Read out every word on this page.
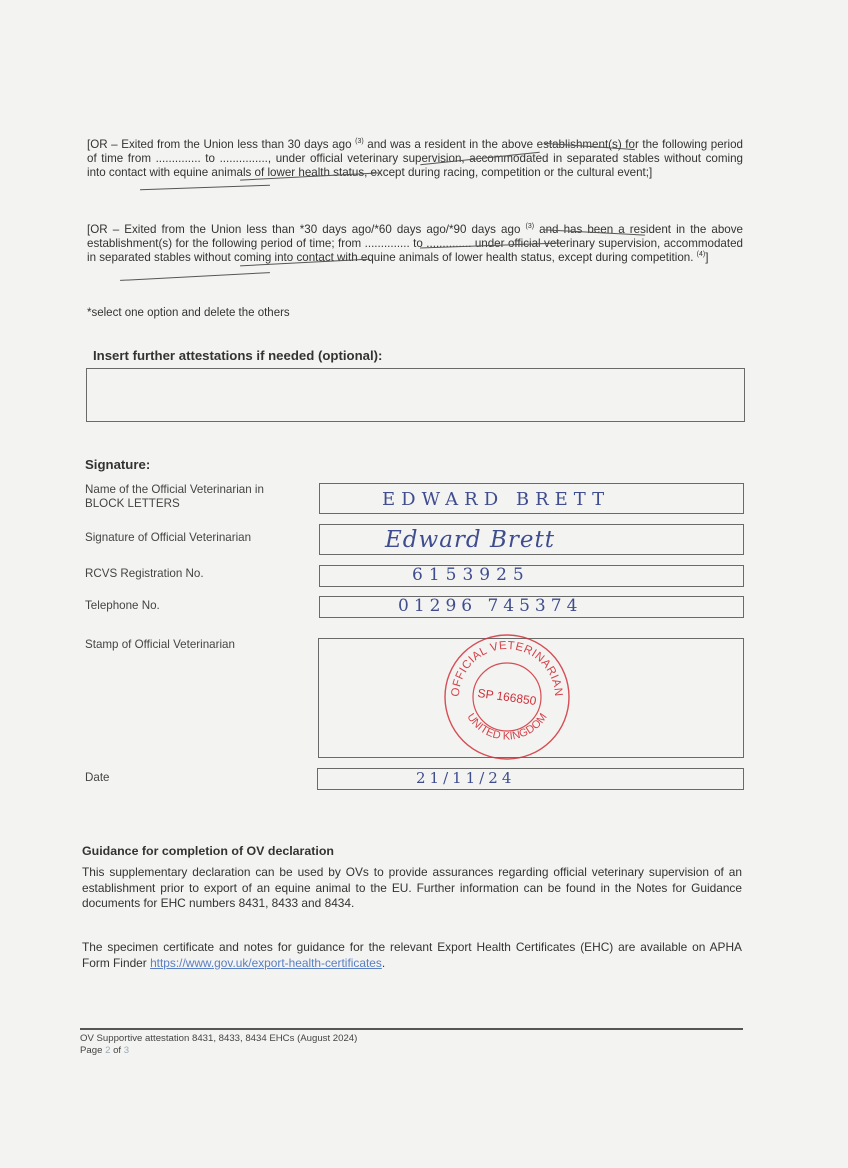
[OR – Exited from the Union less than 30 days ago $^{(3)}$ and was a resident in the above establishment(s) for the following period of time from .............. to ..............., under official veterinary supervision, accommodated in separated stables without coming into contact with equine animals of lower health status, except during racing, competition or the cultural event;]

[OR – Exited from the Union less than *30 days ago/*60 days ago/*90 days ago $^{(3)}$ and has been a resident in the above establishment(s) for the following period of time; from .............. to .............. under official veterinary supervision, accommodated in separated stables without coming into contact with equine animals of lower health status, except during competition. $^{(4)}$]

*select one option and delete the others
Insert further attestations if needed (optional):
Signature:
Name of the Official Veterinarian in BLOCK LETTERS	EDWARD BRETT
Signature of Official Veterinarian	Edward Brett
RCVS Registration No.	6153925
Telephone No.	01296 745374
Stamp of Official Veterinarian
OFFICIAL VETERINARIAN
UNITED KINGDOM
SP 166850
Date	21/11/24
Guidance for completion of OV declaration

This supplementary declaration can be used by OVs to provide assurances regarding official veterinary supervision of an establishment prior to export of an equine animal to the EU. Further information can be found in the Notes for Guidance documents for EHC numbers 8431, 8433 and 8434.

The specimen certificate and notes for guidance for the relevant Export Health Certificates (EHC) are available on APHA Form Finder https://www.gov.uk/export-health-certificates.

OV Supportive attestation 8431, 8433, 8434 EHCs (August 2024)
Page 2 of 3
